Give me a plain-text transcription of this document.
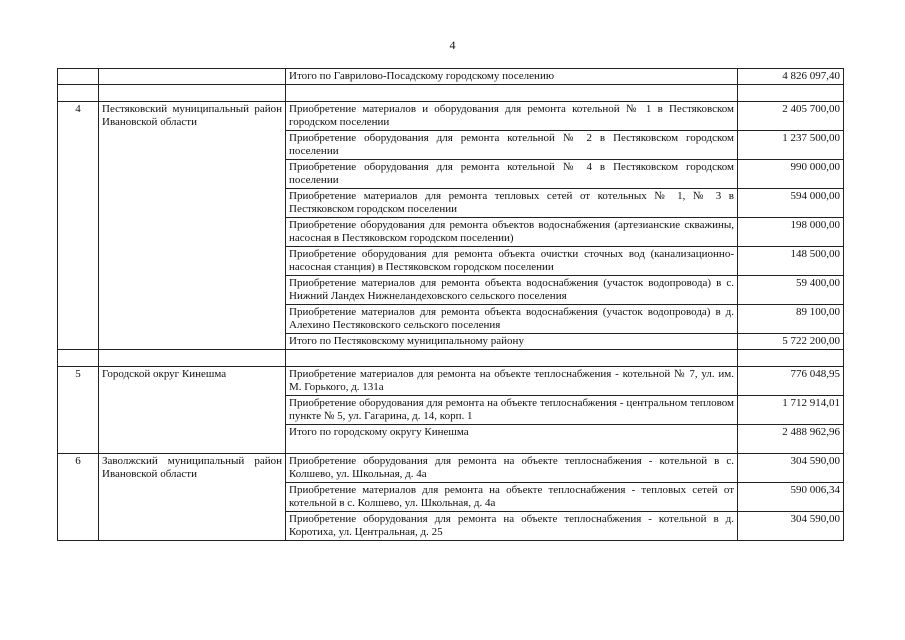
4
		Итого по Гаврилово-Посадскому городскому поселению	4 826 097,40

4	Пестяковский муниципальный район Ивановской области	Приобретение материалов и оборудования для ремонта котельной № 1 в Пестяковском городском поселении	2 405 700,00
		Приобретение оборудования для ремонта котельной № 2 в Пестяковском городском поселении	1 237 500,00
		Приобретение оборудования для ремонта котельной № 4 в Пестяковском городском поселении	990 000,00
		Приобретение материалов для ремонта тепловых сетей от котельных № 1, № 3 в Пестяковском городском поселении	594 000,00
		Приобретение оборудования для ремонта объектов водоснабжения (артезианские скважины, насосная в Пестяковском городском поселении)	198 000,00
		Приобретение оборудования для ремонта объекта очистки сточных вод (канализационно-насосная станция) в Пестяковском городском поселении	148 500,00
		Приобретение материалов для ремонта объекта водоснабжения (участок водопровода) в с. Нижний Ландех Нижнеландеховского сельского поселения	59 400,00
		Приобретение материалов для ремонта объекта водоснабжения (участок водопровода) в д. Алехино Пестяковского сельского поселения	89 100,00
		Итого по Пестяковскому муниципальному району	5 722 200,00

5	Городской округ Кинешма	Приобретение материалов для ремонта на объекте теплоснабжения - котельной № 7, ул. им. М. Горького, д. 131а	776 048,95
		Приобретение оборудования для ремонта на объекте теплоснабжения - центральном тепловом пункте № 5, ул. Гагарина, д. 14, корп. 1	1 712 914,01
		Итого по городскому округу Кинешма	2 488 962,96
6	Заволжский муниципальный район Ивановской области	Приобретение оборудования для ремонта на объекте теплоснабжения - котельной в с. Колшево, ул. Школьная, д. 4а	304 590,00
		Приобретение материалов для ремонта на объекте теплоснабжения - тепловых сетей от котельной в с. Колшево, ул. Школьная, д. 4а	590 006,34
		Приобретение оборудования для ремонта на объекте теплоснабжения - котельной в д. Коротиха, ул. Центральная, д. 25	304 590,00
